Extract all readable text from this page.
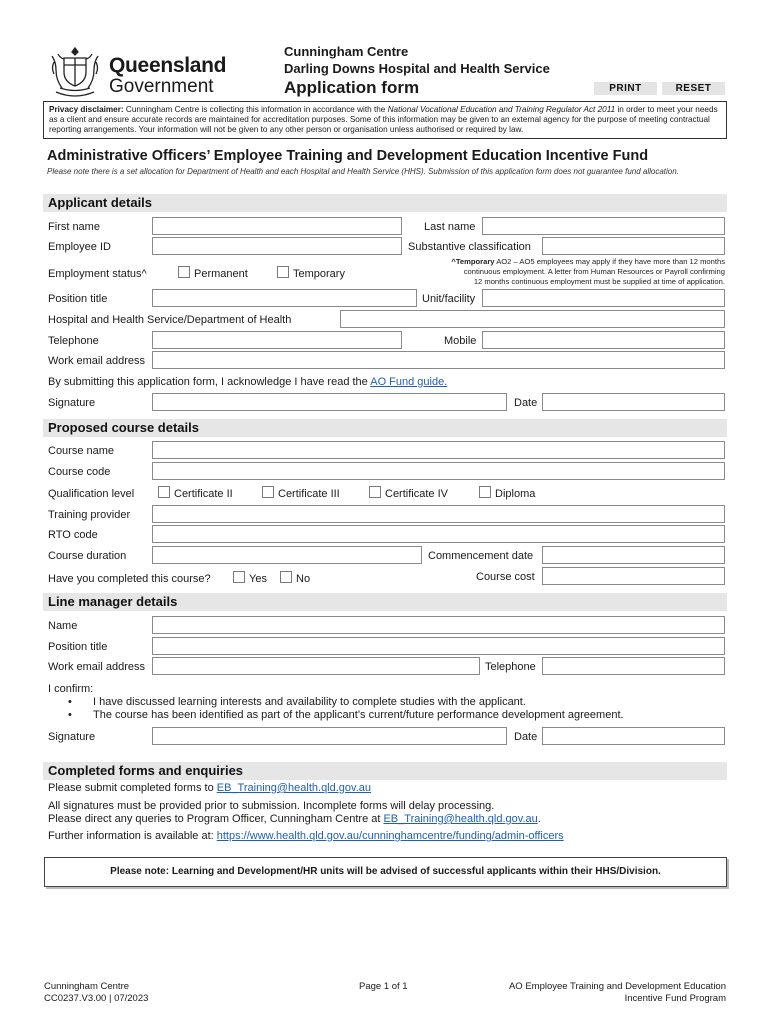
Queensland
Government
Cunningham Centre
Darling Downs Hospital and Health Service
Application form	PRINT	RESET
Privacy disclaimer: Cunningham Centre is collecting this information in accordance with the National Vocational Education and Training Regulator Act 2011 in order to meet your needs as a client and ensure accurate records are maintained for accreditation purposes. Some of this information may be given to an external agency for the purpose of meeting contractual reporting arrangements. Your information will not be given to any other person or organisation unless authorised or required by law.
Administrative Officers’ Employee Training and Development Education Incentive Fund
Please note there is a set allocation for Department of Health and each Hospital and Health Service (HHS). Submission of this application form does not guarantee fund allocation.
Applicant details
First name	Last name
Employee ID	Substantive classification
Employment status^	Permanent	Temporary
^Temporary AO2 – AO5 employees may apply if they have more than 12 months
continuous employment. A letter from Human Resources or Payroll confirming
12 months continuous employment must be supplied at time of application.
Position title	Unit/facility
Hospital and Health Service/Department of Health
Telephone	Mobile
Work email address
By submitting this application form, I acknowledge I have read the AO Fund guide.
Signature	Date
Proposed course details
Course name
Course code
Qualification level	Certificate II	Certificate III	Certificate IV	Diploma
Training provider
RTO code
Course duration	Commencement date
Have you completed this course?	Yes	No	Course cost
Line manager details
Name
Position title
Work email address	Telephone
I confirm:
• I have discussed learning interests and availability to complete studies with the applicant.
• The course has been identified as part of the applicant’s current/future performance development agreement.
Signature	Date
Completed forms and enquiries
Please submit completed forms to EB_Training@health.qld.gov.au
All signatures must be provided prior to submission. Incomplete forms will delay processing.
Please direct any queries to Program Officer, Cunningham Centre at EB_Training@health.qld.gov.au.
Further information is available at: https://www.health.qld.gov.au/cunninghamcentre/funding/admin-officers
Please note: Learning and Development/HR units will be advised of successful applicants within their HHS/Division.
Cunningham Centre
CC0237.V3.00 | 07/2023
Page 1 of 1	AO Employee Training and Development Education
Incentive Fund Program
